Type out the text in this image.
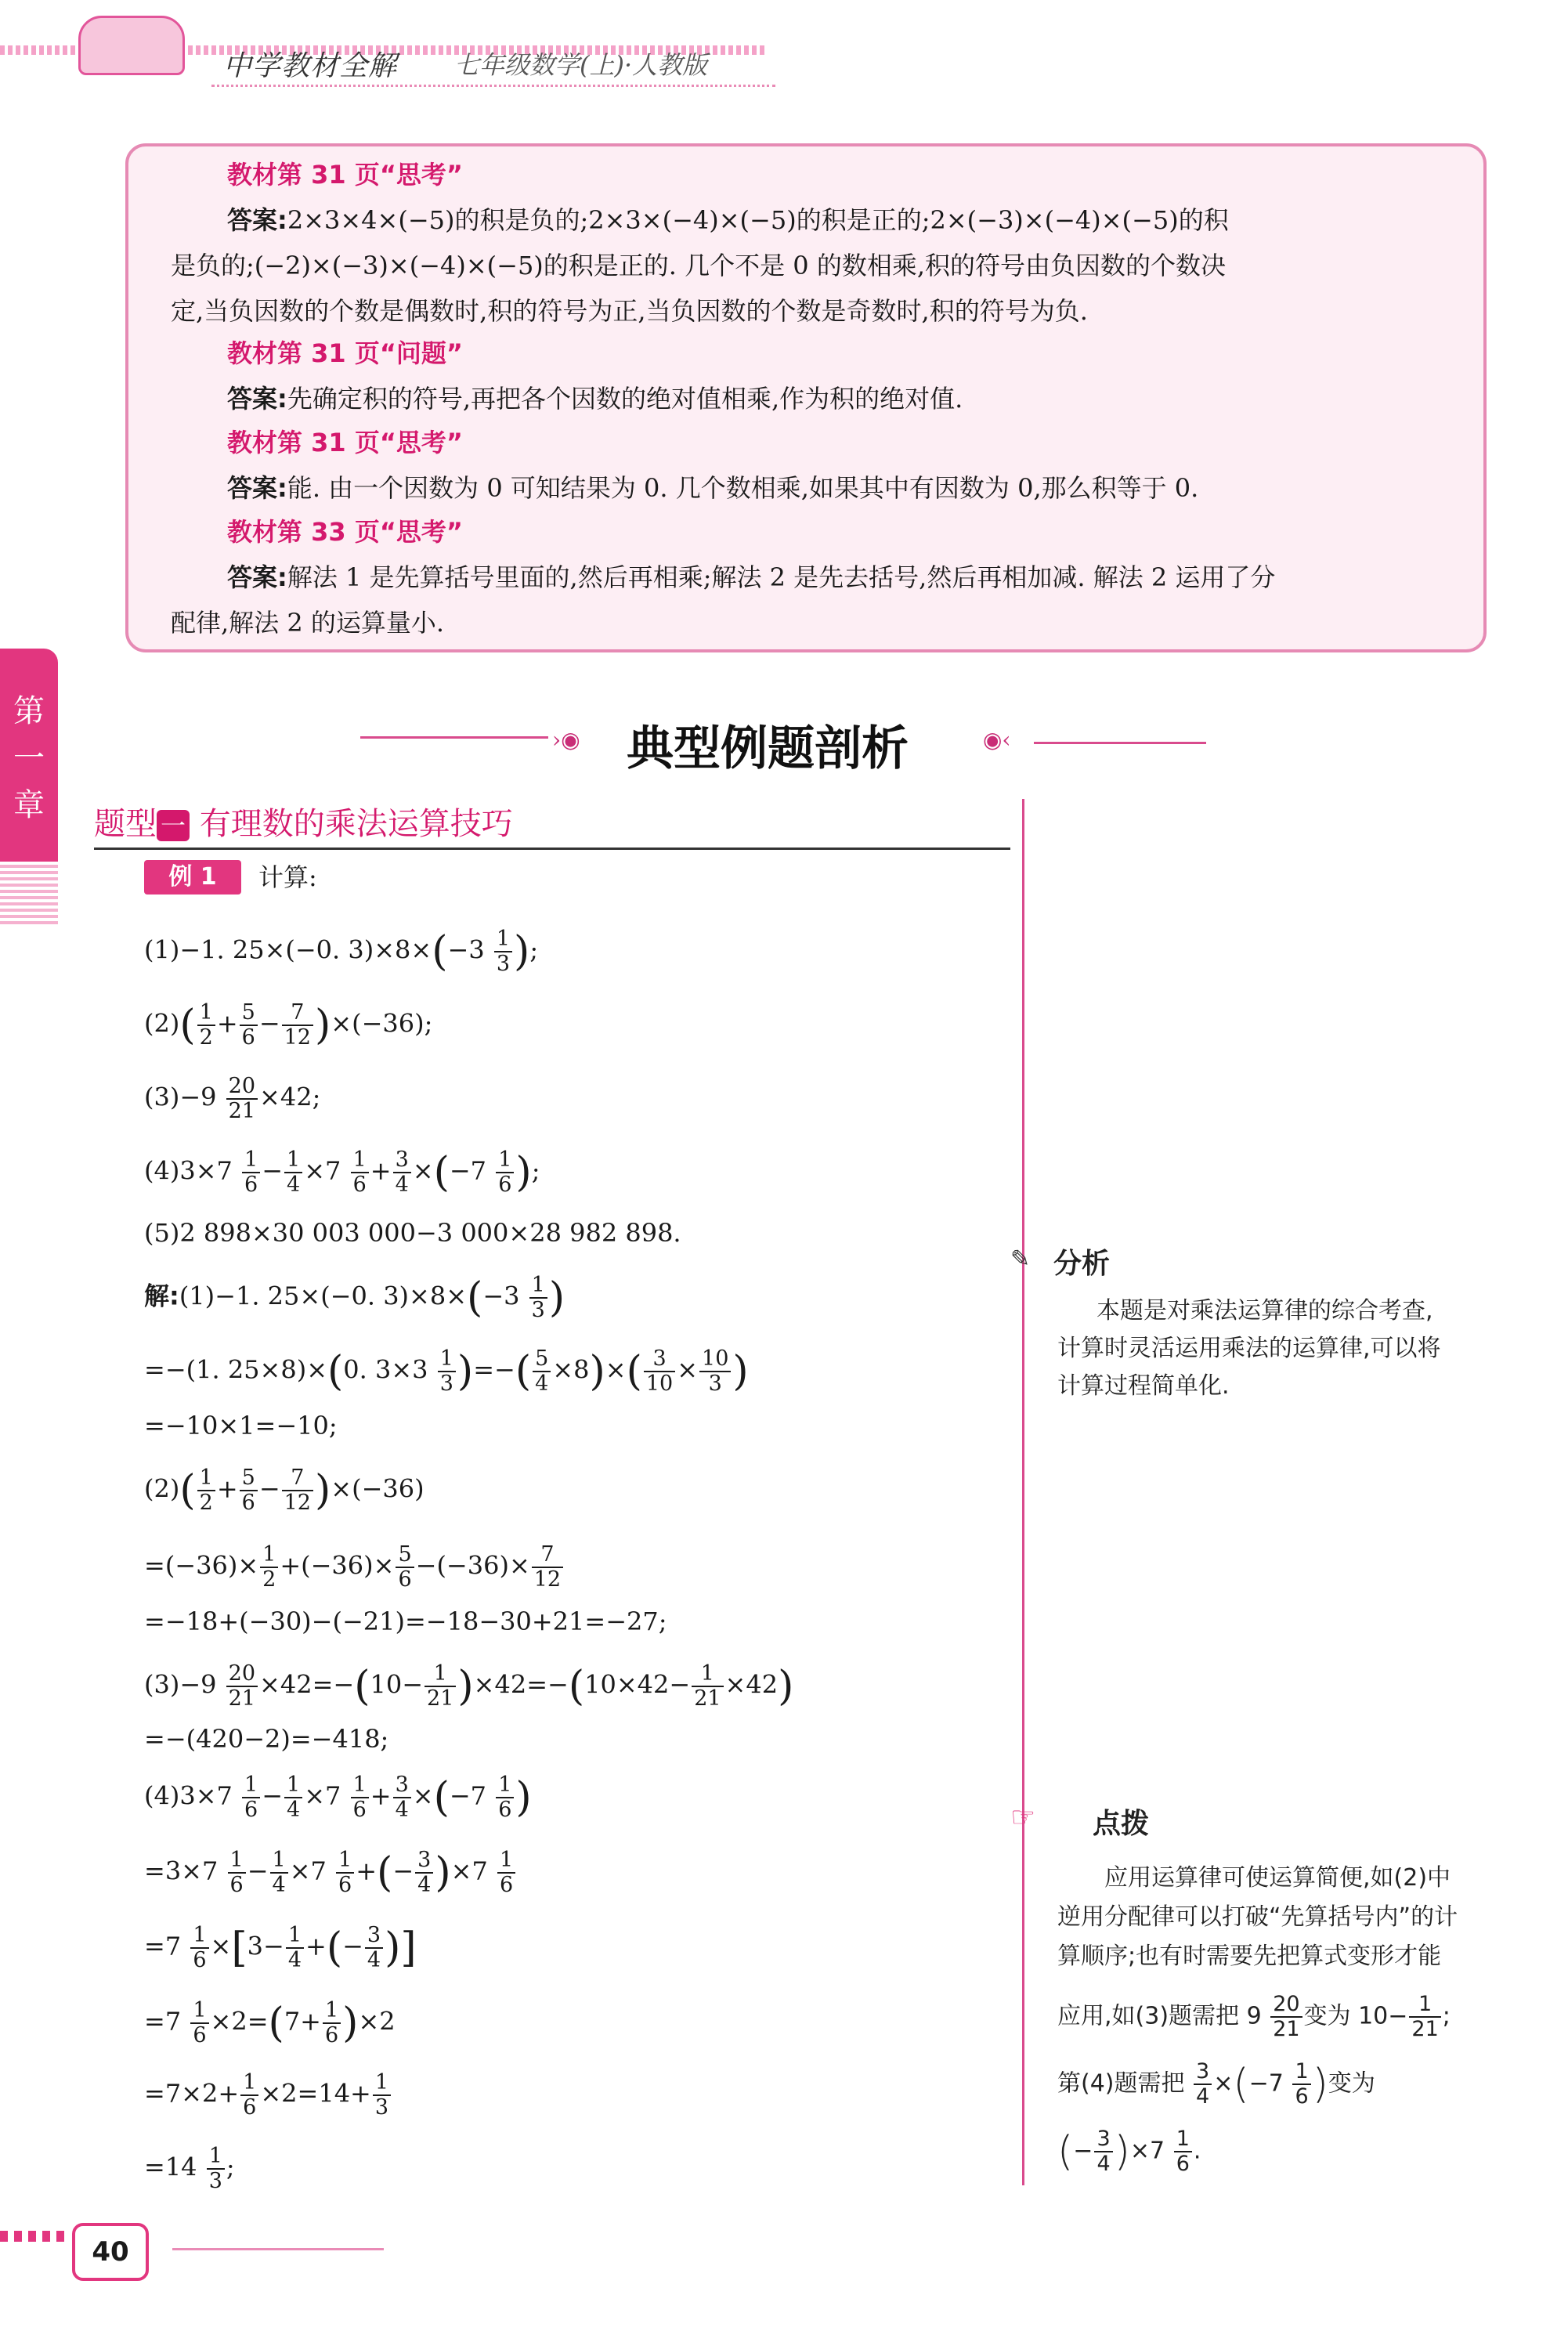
中学教材全解 七年级数学(上)·人教版
教材第 31 页“思考”
答案:2×3×4×(−5)的积是负的;2×3×(−4)×(−5)的积是正的;2×(−3)×(−4)×(−5)的积
是负的;(−2)×(−3)×(−4)×(−5)的积是正的. 几个不是 0 的数相乘,积的符号由负因数的个数决
定,当负因数的个数是偶数时,积的符号为正,当负因数的个数是奇数时,积的符号为负.
教材第 31 页“问题”
答案:先确定积的符号,再把各个因数的绝对值相乘,作为积的绝对值.
教材第 31 页“思考”
答案:能. 由一个因数为 0 可知结果为 0. 几个数相乘,如果其中有因数为 0,那么积等于 0.
教材第 33 页“思考”
答案:解法 1 是先算括号里面的,然后再相乘;解法 2 是先去括号,然后再相加减. 解法 2 运用了分
配律,解法 2 的运算量小.
第一章
›◉ 典型例题剖析	◉‹
题型 一 有理数的乘法运算技巧
例 1	计算:
(1)−1. 25×(−0. $3)\times 8\times(-3 \frac{1}{3}$ );
$(2)( \frac{1}{2} + \frac{5}{6} - \frac{7}{12} )\times(-36)$;
$(3)-9 \frac{20}{21} \times 42$;
$(4)3\times 7 \frac{1}{6} - \frac{1}{4} \times 7 \frac{1}{6} + \frac{3}{4} \times(-7 \frac{1}{6}$ );
(5)2 898×30 003 000−3 000×28 982 898.
解:(1)−1. 25×(−0. $3)\times 8\times(-3 \frac{1}{3}$ )
=−(1. 25×8)×(0. $3\times 3 \frac{1}{3}$ )=−( $\frac{5}{4} \times 8)\times( \frac{3}{10} \times \frac{10}{3}$ )
=−10×1=−10;
$(2)( \frac{1}{2} + \frac{5}{6} - \frac{7}{12} )\times(-36)$
$=(-36)\times \frac{1}{2} +(-36)\times \frac{5}{6} -(-36)\times \frac{7}{12}$
=−18+(−30)−(−21)=−18−30+21=−27;
$(3)-9 \frac{20}{21} \times 42=-(10- \frac{1}{21} )\times 42=-(10\times 42- \frac{1}{21} \times 42)$
=−(420−2)=−418;
$(4)3\times 7 \frac{1}{6} - \frac{1}{4} \times 7 \frac{1}{6} + \frac{3}{4} \times(-7 \frac{1}{6}$ )
$=3\times 7 \frac{1}{6} - \frac{1}{4} \times 7 \frac{1}{6}$ +(− $\frac{3}{4} )\times 7 \frac{1}{6}$
$=7 \frac{1}{6} \times[3- \frac{1}{4}$ +(− $\frac{3}{4}$ )]
$=7 \frac{1}{6} \times 2=(7+ \frac{1}{6} )\times 2$
$=7\times 2+ \frac{1}{6} \times 2=14+ \frac{1}{3}$
$=14 \frac{1}{3}$ ;
✎ 分析
本题是对乘法运算律的综合考查,
计算时灵活运用乘法的运算律,可以将
计算过程简单化.
☞ 点拨
应用运算律可使运算简便,如(2)中
逆用分配律可以打破“先算括号内”的计
算顺序;也有时需要先把算式变形才能
应用,如(3)题需把 $9 \frac{20}{21}$ 变为 $10- \frac{1}{21}$ ;
第(4)题需把 $\frac{3}{4} \times(-7 \frac{1}{6}$ )变为
(− $\frac{3}{4} )\times 7 \frac{1}{6}$ .
40
